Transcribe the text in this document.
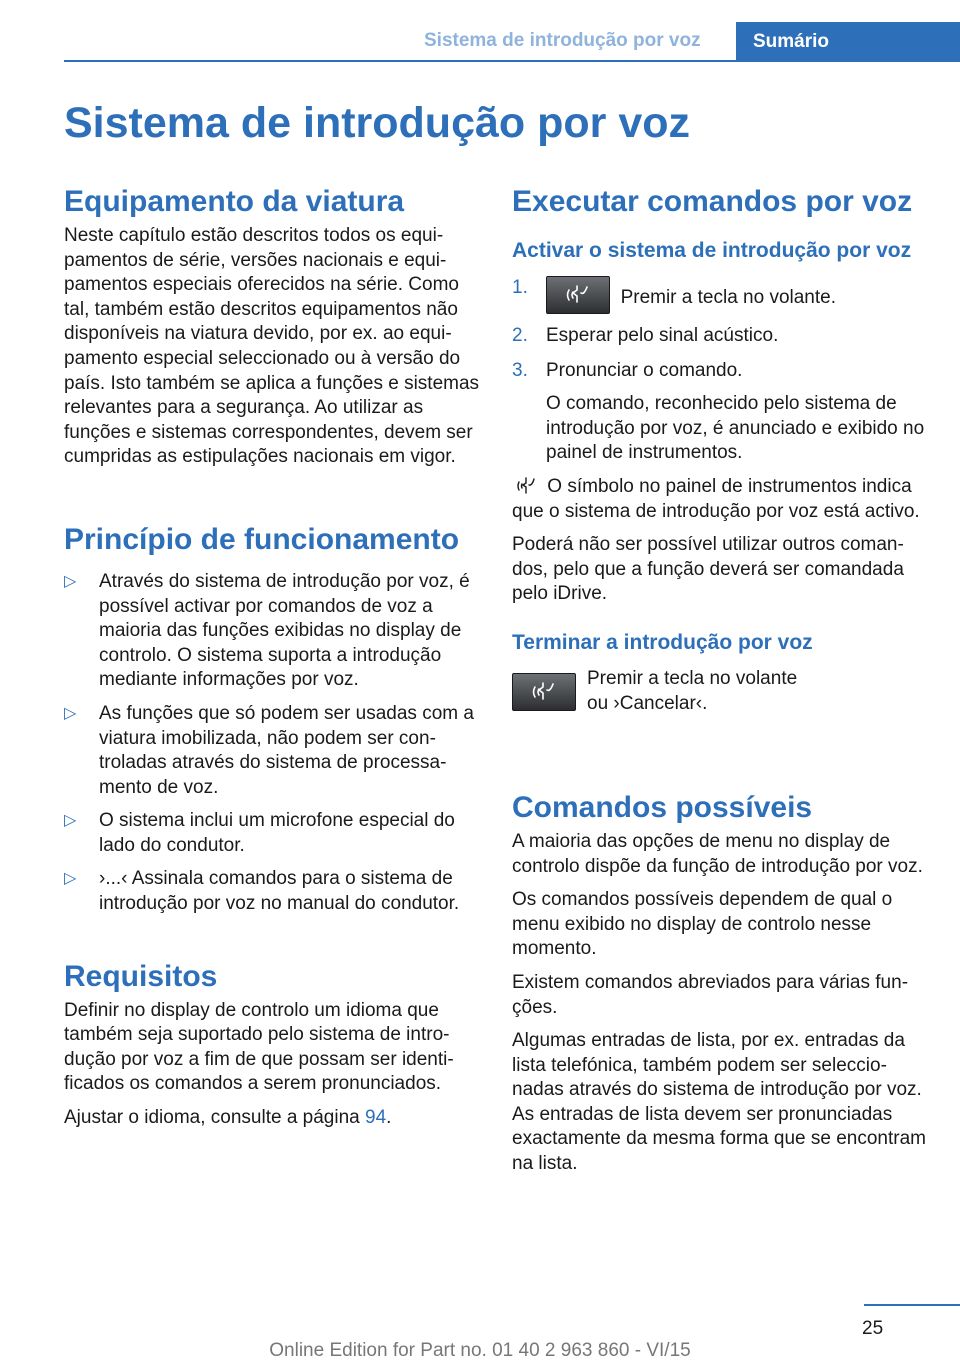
Sistema de introdução por voz	Sumário
Sistema de introdução por voz
Equipamento da viatura

Neste capítulo estão descritos todos os equipamentos de série, versões nacionais e equipamentos especiais oferecidos na série. Como tal, também estão descritos equipamentos não disponíveis na viatura devido, por ex. ao equipamento especial seleccionado ou à versão do país. Isto também se aplica a funções e sistemas relevantes para a segurança. Ao utilizar as funções e sistemas correspondentes, devem ser cumpridas as estipulações nacionais em vigor.

Princípio de funcionamento
▷	Através do sistema de introdução por voz, é possível activar por comandos de voz a maioria das funções exibidas no display de controlo. O sistema suporta a introdução mediante informações por voz.
▷	As funções que só podem ser usadas com a viatura imobilizada, não podem ser controladas através do sistema de processamento de voz.
▷	O sistema inclui um microfone especial do lado do condutor.
▷	›...‹ Assinala comandos para o sistema de introdução por voz no manual do condutor.
Requisitos

Definir no display de controlo um idioma que também seja suportado pelo sistema de introdução por voz a fim de que possam ser identificados os comandos a serem pronunciados.

Ajustar o idioma, consulte a página 94.

Executar comandos por voz
Activar o sistema de introdução por voz
1.	Premir a tecla no volante.
2. Esperar pelo sinal acústico.
3. Pronunciar o comando.
O comando, reconhecido pelo sistema de introdução por voz, é anunciado e exibido no painel de instrumentos.

O símbolo no painel de instrumentos indica que o sistema de introdução por voz está activo.

Poderá não ser possível utilizar outros comandos, pelo que a função deverá ser comandada pelo iDrive.

Terminar a introdução por voz
Premir a tecla no volante
ou ›Cancelar‹.
Comandos possíveis

A maioria das opções de menu no display de controlo dispõe da função de introdução por voz.

Os comandos possíveis dependem de qual o menu exibido no display de controlo nesse momento.

Existem comandos abreviados para várias funções.

Algumas entradas de lista, por ex. entradas da lista telefónica, também podem ser seleccionadas através do sistema de introdução por voz. As entradas de lista devem ser pronunciadas exactamente da mesma forma que se encontram na lista.

25
Online Edition for Part no. 01 40 2 963 860 - VI/15
